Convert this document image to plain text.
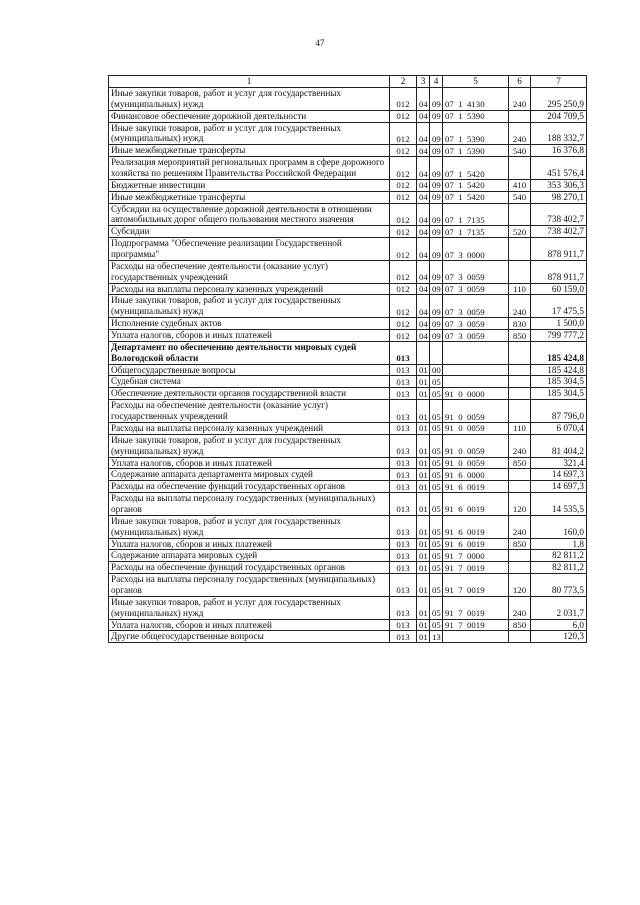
47
1	2	3	4	5	6	7
Иные закупки товаров, работ и услуг для государственных (муниципальных) нужд	012	04	09	07  1  4130	240	295 250,9
Финансовое обеспечение дорожной деятельности	012	04	09	07  1  5390		204 709,5
Иные закупки товаров, работ и услуг для государственных (муниципальных) нужд	012	04	09	07  1  5390	240	188 332,7
Иные межбюджетные трансферты	012	04	09	07  1  5390	540	16 376,8
Реализация мероприятий региональных программ в сфере дорожного хозяйства по решениям Правительства Российской Федерации	012	04	09	07  1  5420		451 576,4
Бюджетные инвестиции	012	04	09	07  1  5420	410	353 306,3
Иные межбюджетные трансферты	012	04	09	07  1  5420	540	98 270,1
Субсидии на осуществление дорожной деятельности в отношении автомобильных дорог общего пользования местного значения	012	04	09	07  1  7135		738 402,7
Субсидии	012	04	09	07  1  7135	520	738 402,7
Подпрограмма "Обеспечение реализации Государственной программы"	012	04	09	07  3  0000		878 911,7
Расходы на обеспечение деятельности (оказание услуг) государственных учреждений	012	04	09	07  3  0059		878 911,7
Расходы на выплаты персоналу казенных учреждений	012	04	09	07  3  0059	110	60 159,0
Иные закупки товаров, работ и услуг для государственных (муниципальных) нужд	012	04	09	07  3  0059	240	17 475,5
Исполнение судебных актов	012	04	09	07  3  0059	830	1 500,0
Уплата налогов, сборов и иных платежей	012	04	09	07  3  0059	850	799 777,2
Департамент по обеспечению деятельности мировых судей Вологодской области	013					185 424,8
Общегосударственные вопросы	013	01	00			185 424,8
Судебная система	013	01	05			185 304,5
Обеспечение деятельности органов государственной власти	013	01	05	91  0  0000		185 304,5
Расходы на обеспечение деятельности (оказание услуг) государственных учреждений	013	01	05	91  0  0059		87 796,0
Расходы на выплаты персоналу казенных учреждений	013	01	05	91  0  0059	110	6 070,4
Иные закупки товаров, работ и услуг для государственных (муниципальных) нужд	013	01	05	91  0  0059	240	81 404,2
Уплата налогов, сборов и иных платежей	013	01	05	91  0  0059	850	321,4
Содержание аппарата департамента мировых судей	013	01	05	91  6  0000		14 697,3
Расходы на обеспечение функций государственных органов	013	01	05	91  6  0019		14 697,3
Расходы на выплаты персоналу государственных (муниципальных) органов	013	01	05	91  6  0019	120	14 535,5
Иные закупки товаров, работ и услуг для государственных (муниципальных) нужд	013	01	05	91  6  0019	240	160,0
Уплата налогов, сборов и иных платежей	013	01	05	91  6  0019	850	1,8
Содержание аппарата мировых судей	013	01	05	91  7  0000		82 811,2
Расходы на обеспечение функций государственных органов	013	01	05	91  7  0019		82 811,2
Расходы на выплаты персоналу государственных (муниципальных) органов	013	01	05	91  7  0019	120	80 773,5
Иные закупки товаров, работ и услуг для государственных (муниципальных) нужд	013	01	05	91  7  0019	240	2 031,7
Уплата налогов, сборов и иных платежей	013	01	05	91  7  0019	850	6,0
Другие общегосударственные вопросы	013	01	13			120,3
